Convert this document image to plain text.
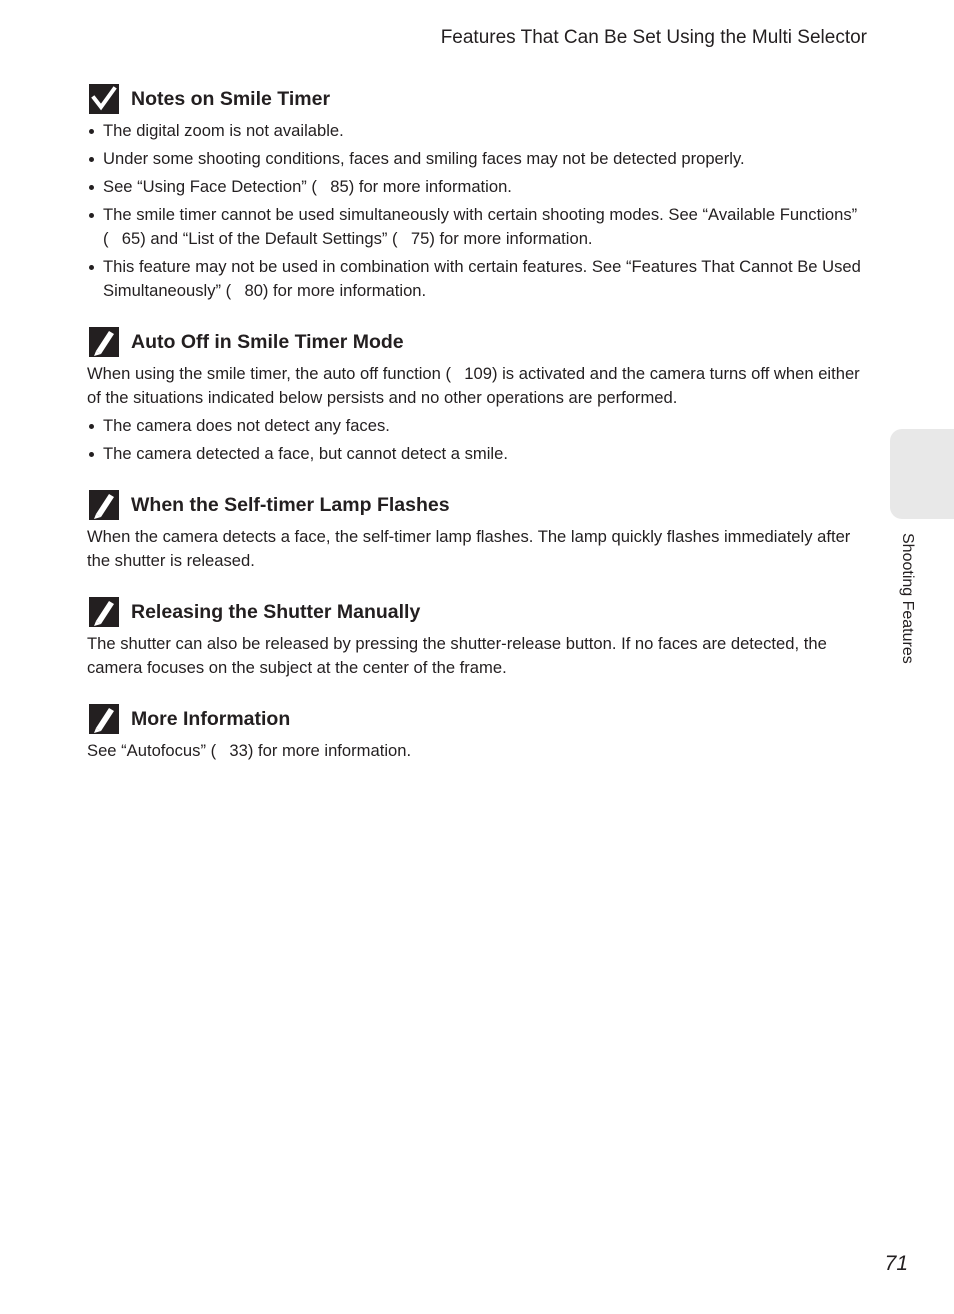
Features That Can Be Set Using the Multi Selector
Notes on Smile Timer
The digital zoom is not available.
Under some shooting conditions, faces and smiling faces may not be detected properly.
See “Using Face Detection” (85) for more information.
The smile timer cannot be used simultaneously with certain shooting modes. See “Available Functions” (65) and “List of the Default Settings” (75) for more information.
This feature may not be used in combination with certain features. See “Features That Cannot Be Used Simultaneously” (80) for more information.
Auto Off in Smile Timer Mode
When using the smile timer, the auto off function (109) is activated and the camera turns off when either of the situations indicated below persists and no other operations are performed.
The camera does not detect any faces.
The camera detected a face, but cannot detect a smile.
When the Self-timer Lamp Flashes
When the camera detects a face, the self-timer lamp flashes. The lamp quickly flashes immediately after the shutter is released.
Releasing the Shutter Manually
The shutter can also be released by pressing the shutter-release button. If no faces are detected, the camera focuses on the subject at the center of the frame.
More Information
See “Autofocus” (33) for more information.
Shooting Features
71
